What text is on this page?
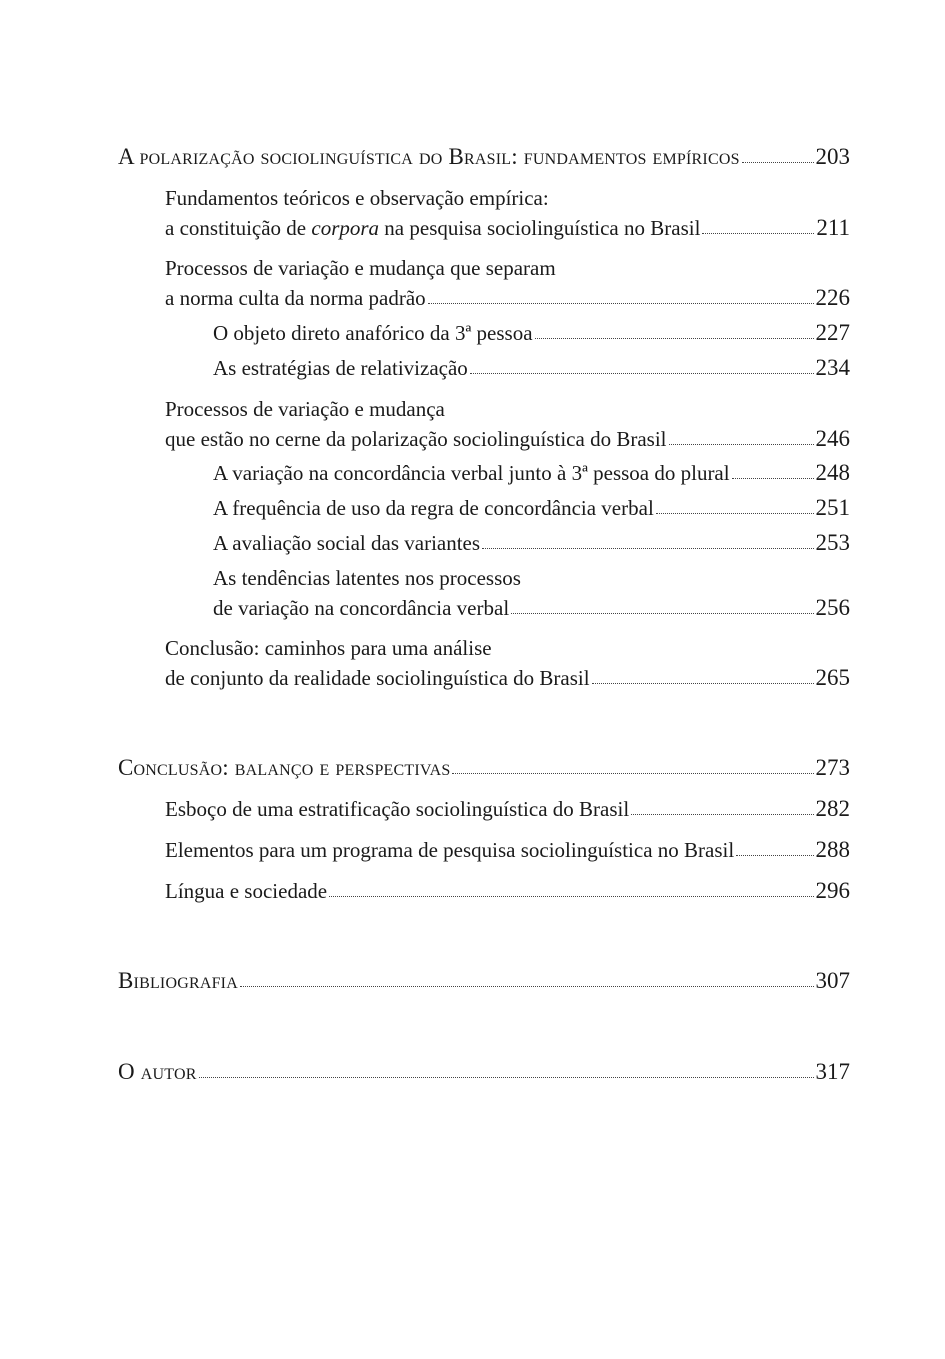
A polarização sociolinguística do Brasil: fundamentos empíricos	203
Fundamentos teóricos e observação empírica:
a constituição de corpora na pesquisa sociolinguística no Brasil	211
Processos de variação e mudança que separam
a norma culta da norma padrão	226
O objeto direto anafórico da 3ª pessoa	227
As estratégias de relativização	234
Processos de variação e mudança
que estão no cerne da polarização sociolinguística do Brasil	246
A variação na concordância verbal junto à 3ª pessoa do plural	248
A frequência de uso da regra de concordância verbal	251
A avaliação social das variantes	253
As tendências latentes nos processos
de variação na concordância verbal	256
Conclusão: caminhos para uma análise
de conjunto da realidade sociolinguística do Brasil	265
Conclusão: balanço e perspectivas	273
Esboço de uma estratificação sociolinguística do Brasil	282
Elementos para um programa de pesquisa sociolinguística no Brasil	288
Língua e sociedade	296
Bibliografia	307
O autor	317
